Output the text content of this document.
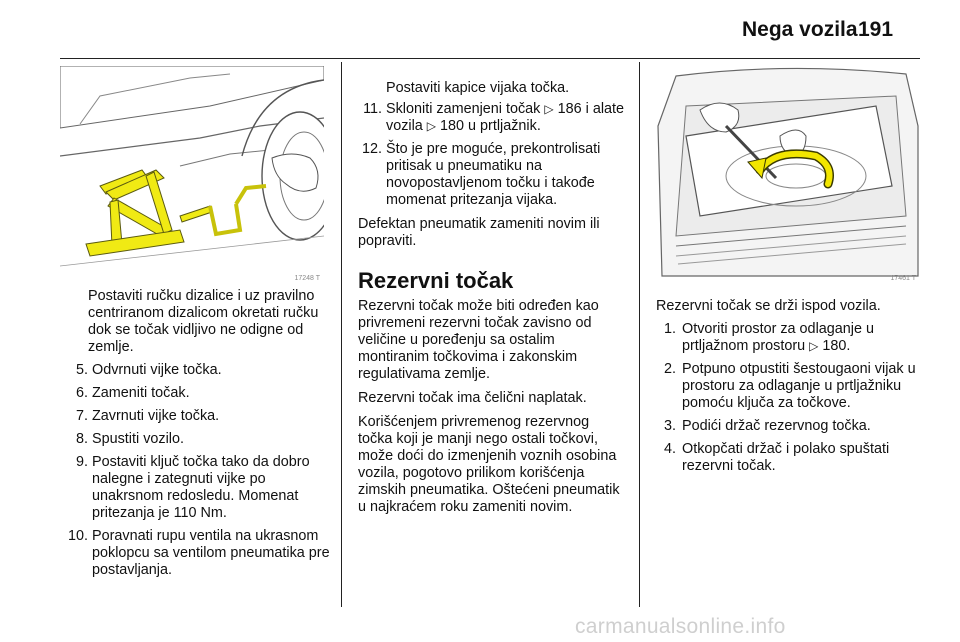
Nega vozila 191
17248 T

Postaviti ručku dizalice i uz pravilno centriranom dizalicom okretati ručku dok se točak vidljivo ne odigne od zemlje.

5. Odvrnuti vijke točka.
6. Zameniti točak.
7. Zavrnuti vijke točka.
8. Spustiti vozilo.
9. Postaviti ključ točka tako da dobro nalegne i zategnuti vijke po unakrsnom redosledu. Momenat pritezanja je 110 Nm.
10. Poravnati rupu ventila na ukrasnom poklopcu sa ventilom pneumatika pre postavljanja.

Postaviti kapice vijaka točka.

11. Skloniti zamenjeni točak ▷ 186 i alate vozila ▷ 180 u prtljažnik.
12. Što je pre moguće, prekontrolisati pritisak u pneumatiku na novopostavljenom točku i takođe momenat pritezanja vijaka.

Defektan pneumatik zameniti novim ili popraviti.

Rezervni točak

Rezervni točak može biti određen kao privremeni rezervni točak zavisno od veličine u poređenju sa ostalim montiranim točkovima i zakonskim regulativama zemlje.

Rezervni točak ima čelični naplatak.

Korišćenjem privremenog rezervnog točka koji je manji nego ostali točkovi, može doći do izmenjenih voznih osobina vozila, pogotovo prilikom korišćenja zimskih pneumatika. Oštećeni pneumatik u najkraćem roku zameniti novim.

17461 T

Rezervni točak se drži ispod vozila.

1. Otvoriti prostor za odlaganje u prtljažnom prostoru ▷ 180.
2. Potpuno otpustiti šestougaoni vijak u prostoru za odlaganje u prtljažniku pomoću ključa za točkove.
3. Podići držač rezervnog točka.
4. Otkopčati držač i polako spuštati rezervni točak.
carmanualsonline.info
